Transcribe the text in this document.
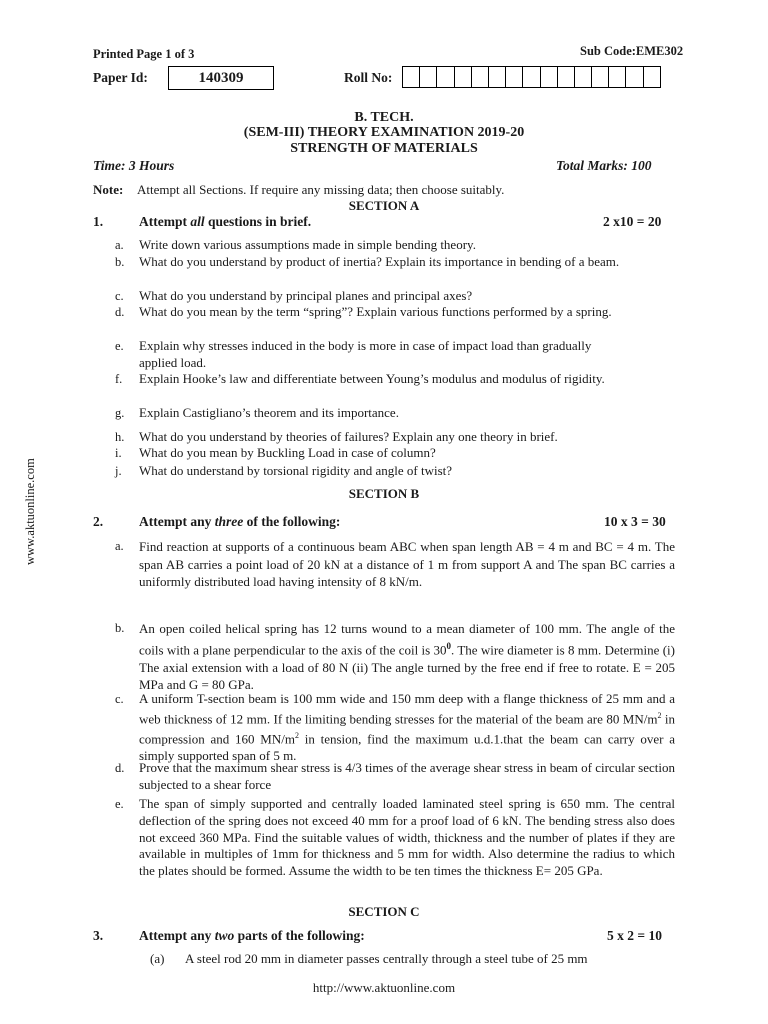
Printed Page 1 of 3	Sub Code:EME302
Paper Id:	140309	Roll No:
B. TECH.
(SEM-III) THEORY EXAMINATION 2019-20
STRENGTH OF MATERIALS
Time: 3 Hours	Total Marks: 100
Note: Attempt all Sections. If require any missing data; then choose suitably.
SECTION A
1.	Attempt all questions in brief.	2 x10 = 20
a. Write down various assumptions made in simple bending theory.
b. What do you understand by product of inertia? Explain its importance in bending of a beam.
c. What do you understand by principal planes and principal axes?
d. What do you mean by the term “spring”? Explain various functions performed by a spring.
e. Explain why stresses induced in the body is more in case of impact load than gradually applied load.
f. Explain Hooke’s law and differentiate between Young’s modulus and modulus of rigidity.
g. Explain Castigliano’s theorem and its importance.
h. What do you understand by theories of failures? Explain any one theory in brief.
i. What do you mean by Buckling Load in case of column?
j. What do understand by torsional rigidity and angle of twist?
SECTION B
2.	Attempt any three of the following:	10 x 3 = 30
a. Find reaction at supports of a continuous beam ABC when span length AB = 4 m and BC = 4 m. The span AB carries a point load of 20 kN at a distance of 1 m from support A and The span BC carries a uniformly distributed load having intensity of 8 kN/m.
b. An open coiled helical spring has 12 turns wound to a mean diameter of 100 mm. The angle of the coils with a plane perpendicular to the axis of the coil is $30^0$. The wire diameter is 8 mm. Determine (i) The axial extension with a load of 80 N (ii) The angle turned by the free end if free to rotate. E = 205 MPa and G = 80 GPa.
c. A uniform T-section beam is 100 mm wide and 150 mm deep with a flange thickness of 25 mm and a web thickness of 12 mm. If the limiting bending stresses for the material of the beam are 80 $MN/m^2$ in compression and 160 $MN/m^2$ in tension, find the maximum u.d.1.that the beam can carry over a simply supported span of 5 m.
d. Prove that the maximum shear stress is 4/3 times of the average shear stress in beam of circular section subjected to a shear force
e. The span of simply supported and centrally loaded laminated steel spring is 650 mm. The central deflection of the spring does not exceed 40 mm for a proof load of 6 kN. The bending stress also does not exceed 360 MPa. Find the suitable values of width, thickness and the number of plates if they are available in multiples of 1mm for thickness and 5 mm for width. Also determine the radius to which the plates should be formed. Assume the width to be ten times the thickness E= 205 GPa.
SECTION C
3.	Attempt any two parts of the following:	5 x 2 = 10
(a) A steel rod 20 mm in diameter passes centrally through a steel tube of 25 mm
www.aktuonline.com
http://www.aktuonline.com
